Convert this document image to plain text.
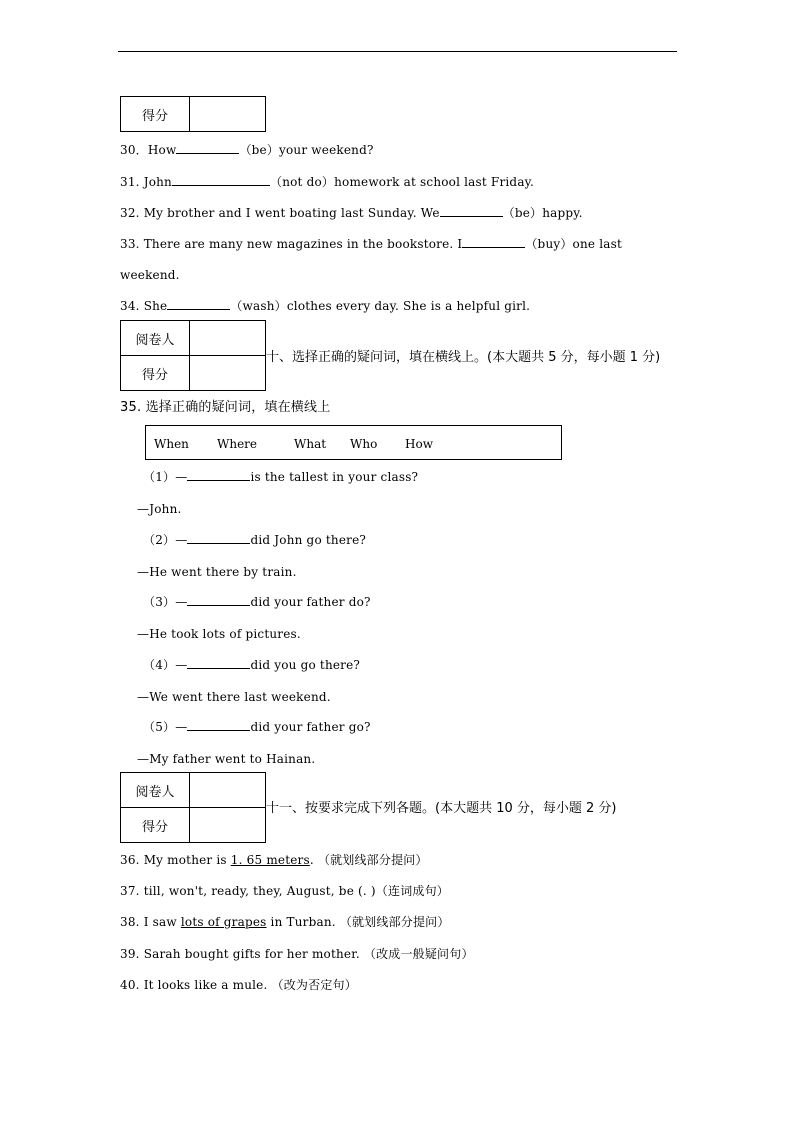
得分	
30．How	（be）your weekend?
31. John	（not do）homework at school last Friday.
32. My brother and I went boating last Sunday. We	（be）happy.
33. There are many new magazines in the bookstore. I	（buy）one last
weekend.
34. She	（wash）clothes every day. She is a helpful girl.
阅卷人	
得分	
十、选择正确的疑问词，填在横线上。(本大题共 5 分，每小题 1 分)
35. 选择正确的疑问词，填在横线上
When Where	What Who How
（1）—	is the tallest in your class?
—John.
（2）—	did John go there?
—He went there by train.
（3）—	did your father do?
—He took lots of pictures.
（4）—	did you go there?
—We went there last weekend.
（5）—	did your father go?
—My father went to Hainan.
阅卷人	
得分	
十一、按要求完成下列各题。(本大题共 10 分，每小题 2 分)
36. My mother is 1. 65 meters. （就划线部分提问）
37. till, won't, ready, they, August, be (. )（连词成句）
38. I saw lots of grapes in Turban. （就划线部分提问）
39. Sarah bought gifts for her mother. （改成一般疑问句）
40. It looks like a mule. （改为否定句）
